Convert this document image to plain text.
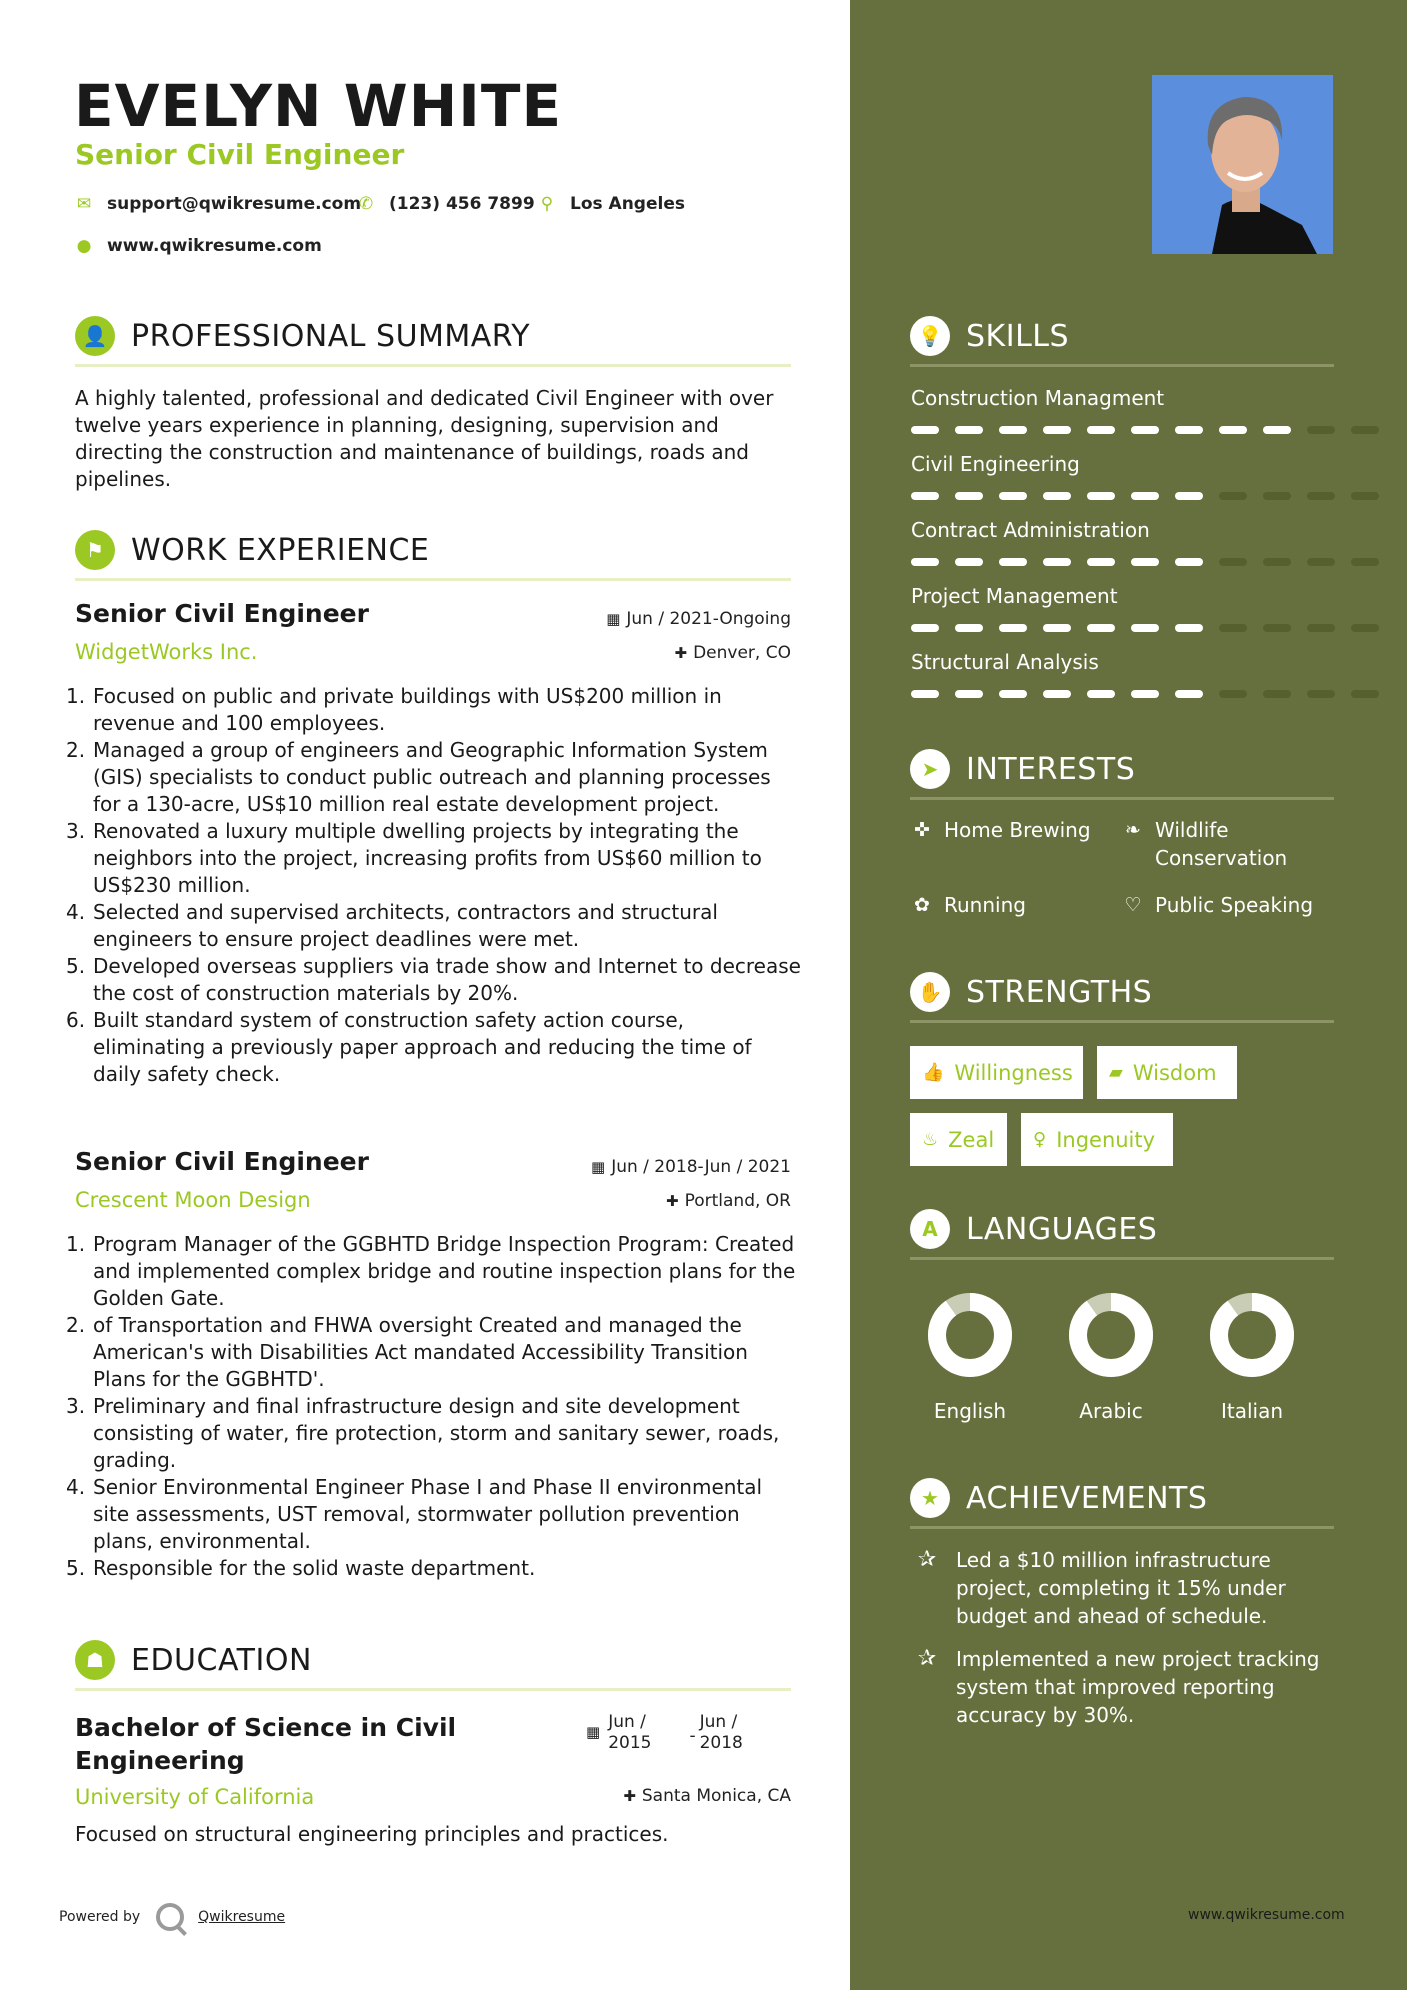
EVELYN WHITE
Senior Civil Engineer
✉ support@qwikresume.com
✆ (123) 456 7899 ⚲ Los Angeles
● www.qwikresume.com
👤 PROFESSIONAL SUMMARY
A highly talented, professional and dedicated Civil Engineer with over twelve years experience in planning, designing, supervision and directing the construction and maintenance of buildings, roads and pipelines.
⚑ WORK EXPERIENCE
Senior Civil Engineer
WidgetWorks Inc.
▦ Jun / 2021-Ongoing
✚ Denver, CO
Focused on public and private buildings with US$200 million in revenue and 100 employees.
Managed a group of engineers and Geographic Information System (GIS) specialists to conduct public outreach and planning processes for a 130-acre, US$10 million real estate development project.
Renovated a luxury multiple dwelling projects by integrating the neighbors into the project, increasing profits from US$60 million to US$230 million.
Selected and supervised architects, contractors and structural engineers to ensure project deadlines were met.
Developed overseas suppliers via trade show and Internet to decrease the cost of construction materials by 20%.
Built standard system of construction safety action course, eliminating a previously paper approach and reducing the time of daily safety check.
Senior Civil Engineer
Crescent Moon Design
▦ Jun / 2018-Jun / 2021
✚ Portland, OR
Program Manager of the GGBHTD Bridge Inspection Program: Created and implemented complex bridge and routine inspection plans for the Golden Gate.
of Transportation and FHWA oversight Created and managed the American's with Disabilities Act mandated Accessibility Transition Plans for the GGBHTD'.
Preliminary and final infrastructure design and site development consisting of water, fire protection, storm and sanitary sewer, roads, grading.
Senior Environmental Engineer Phase I and Phase II environmental site assessments, UST removal, stormwater pollution prevention plans, environmental.
Responsible for the solid waste department.
☗ EDUCATION
Bachelor of Science in Civil
Engineering
University of California
▦ Jun /
2015 -
Jun /
2018
✚ Santa Monica, CA
Focused on structural engineering principles and practices.
Powered by	Qwikresume
💡 SKILLS
Construction Managment
Civil Engineering
Contract Administration
Project Management
Structural Analysis
➤ INTERESTS
✜ Home Brewing ❧ Wildlife
Conservation
✿ Running	♡ Public Speaking
✋ STRENGTHS
👍 Willingness ▰ Wisdom
♨ Zeal ♀ Ingenuity
A LANGUAGES
English	Arabic	Italian
★ ACHIEVEMENTS
✰ Led a $10 million infrastructure
project, completing it 15% under
budget and ahead of schedule.
✰ Implemented a new project tracking
system that improved reporting
accuracy by 30%.
www.qwikresume.com
